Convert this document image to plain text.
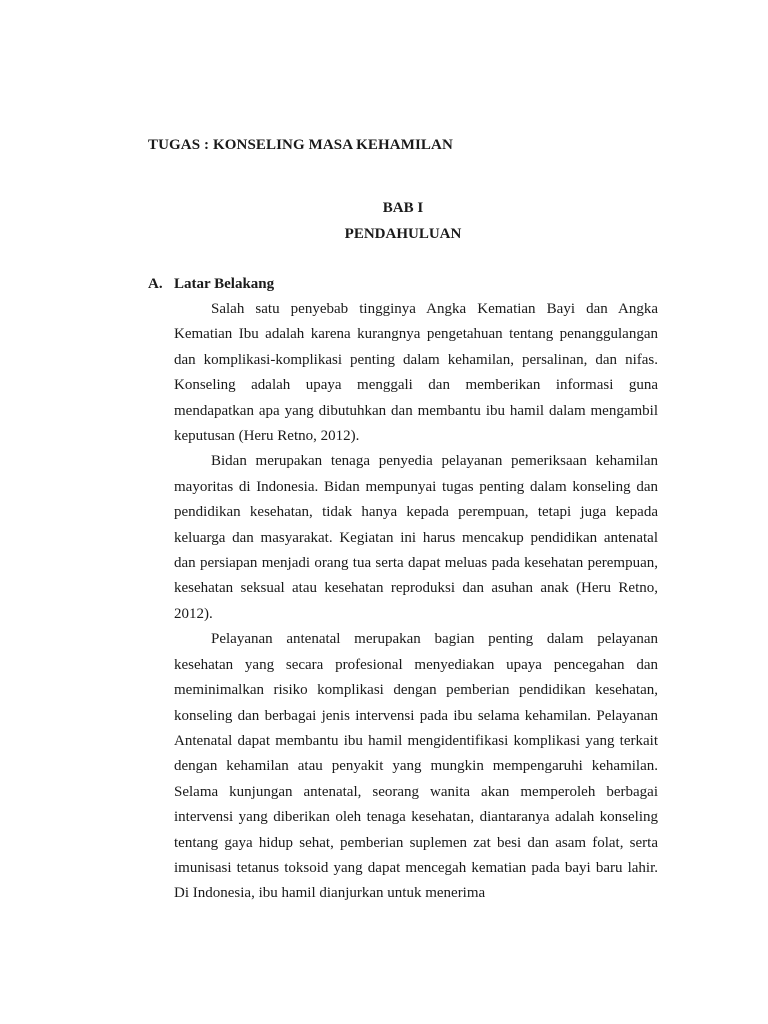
TUGAS : KONSELING MASA KEHAMILAN
BAB I
PENDAHULUAN
A. Latar Belakang

Salah satu penyebab tingginya Angka Kematian Bayi dan Angka Kematian Ibu adalah karena kurangnya pengetahuan tentang penanggulangan dan komplikasi-komplikasi penting dalam kehamilan, persalinan, dan nifas. Konseling adalah upaya menggali dan memberikan informasi guna mendapatkan apa yang dibutuhkan dan membantu ibu hamil dalam mengambil keputusan (Heru Retno, 2012).

Bidan merupakan tenaga penyedia pelayanan pemeriksaan kehamilan mayoritas di Indonesia. Bidan mempunyai tugas penting dalam konseling dan pendidikan kesehatan, tidak hanya kepada perempuan, tetapi juga kepada keluarga dan masyarakat. Kegiatan ini harus mencakup pendidikan antenatal dan persiapan menjadi orang tua serta dapat meluas pada kesehatan perempuan, kesehatan seksual atau kesehatan reproduksi dan asuhan anak (Heru Retno, 2012).

Pelayanan antenatal merupakan bagian penting dalam pelayanan kesehatan yang secara profesional menyediakan upaya pencegahan dan meminimalkan risiko komplikasi dengan pemberian pendidikan kesehatan, konseling dan berbagai jenis intervensi pada ibu selama kehamilan. Pelayanan Antenatal dapat membantu ibu hamil mengidentifikasi komplikasi yang terkait dengan kehamilan atau penyakit yang mungkin mempengaruhi kehamilan. Selama kunjungan antenatal, seorang wanita akan memperoleh berbagai intervensi yang diberikan oleh tenaga kesehatan, diantaranya adalah konseling tentang gaya hidup sehat, pemberian suplemen zat besi dan asam folat, serta imunisasi tetanus toksoid yang dapat mencegah kematian pada bayi baru lahir. Di Indonesia, ibu hamil dianjurkan untuk menerima
